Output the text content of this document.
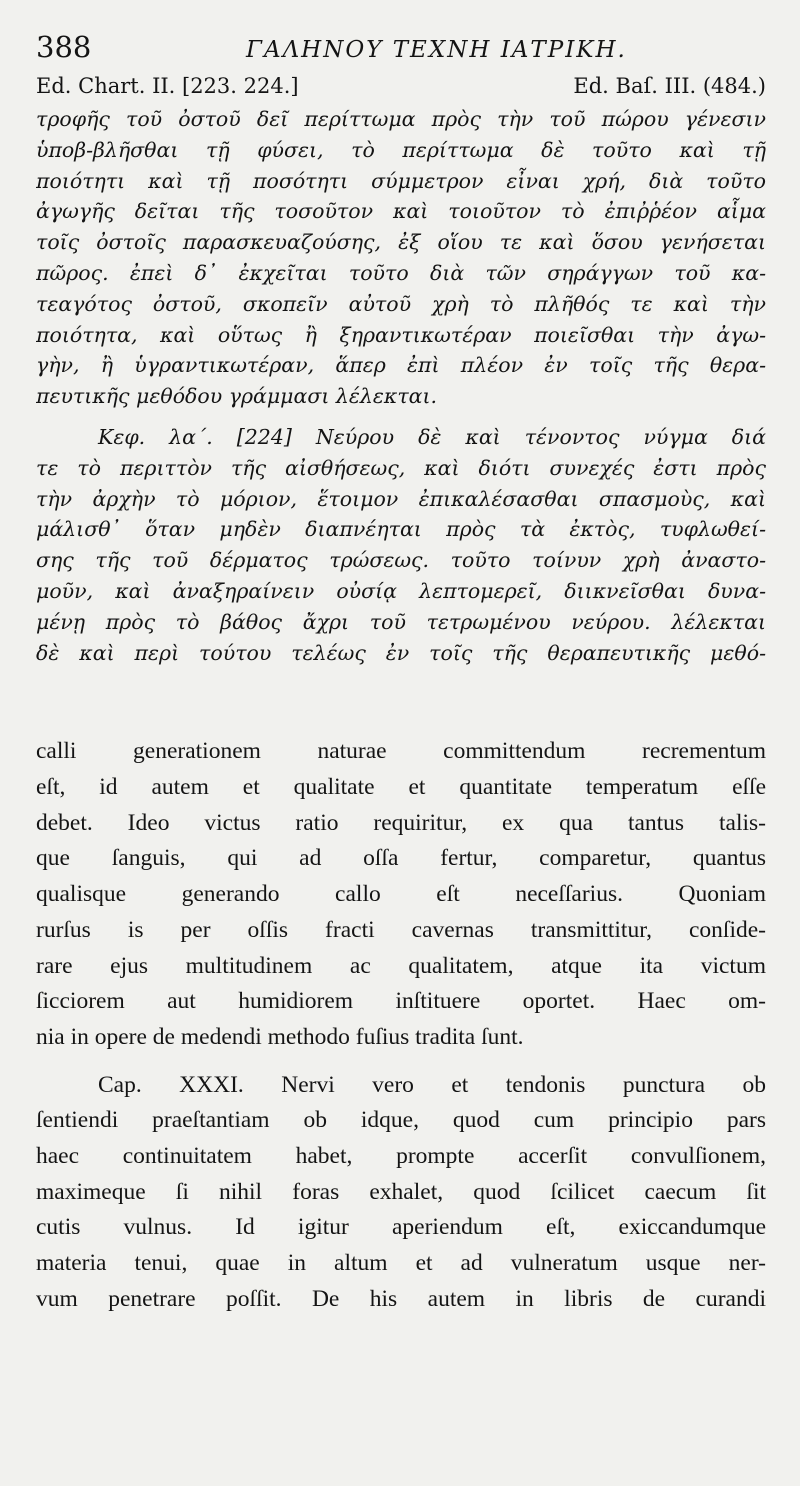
388	ΓΑΛΗΝΟΥ ΤΕΧΝΗ ΙΑΤΡΙΚΗ.
Ed. Chart. II. [223. 224.]	Ed. Baſ. III. (484.)
τροφῆς τοῦ ὀστοῦ δεῖ περίττωμα πρὸς τὴν τοῦ πώρου γένεσιν
ὑποβ-βλῆσθαι τῇ φύσει, τὸ περίττωμα δὲ τοῦτο καὶ τῇ
ποιότητι καὶ τῇ ποσότητι σύμμετρον εἶναι χρή, διὰ τοῦτο
ἀγωγῆς δεῖται τῆς τοσοῦτον καὶ τοιοῦτον τὸ ἐπιῤῥέον αἷμα
τοῖς ὀστοῖς παρασκευαζούσης, ἐξ οἵου τε καὶ ὅσου γενήσεται
πῶρος. ἐπεὶ δ᾽ ἐκχεῖται τοῦτο διὰ τῶν σηράγγων τοῦ κα-
τεαγότος ὀστοῦ, σκοπεῖν αὐτοῦ χρὴ τὸ πλῆθός τε καὶ τὴν
ποιότητα, καὶ οὕτως ἢ ξηραντικωτέραν ποιεῖσθαι τὴν ἀγω-
γὴν, ἢ ὑγραντικωτέραν, ἅπερ ἐπὶ πλέον ἐν τοῖς τῆς θερα-
πευτικῆς μεθόδου γράμμασι λέλεκται.
Κεφ. λα΄. [224] Νεύρου δὲ καὶ τένοντος νύγμα διά
τε τὸ περιττὸν τῆς αἰσθήσεως, καὶ διότι συνεχές ἐστι πρὸς
τὴν ἀρχὴν τὸ μόριον, ἕτοιμον ἐπικαλέσασθαι σπασμοὺς, καὶ
μάλισθ᾽ ὅταν μηδὲν διαπνέηται πρὸς τὰ ἐκτὸς, τυφλωθεί-
σης τῆς τοῦ δέρματος τρώσεως. τοῦτο τοίνυν χρὴ ἀναστο-
μοῦν, καὶ ἀναξηραίνειν οὐσίᾳ λεπτομερεῖ, διικνεῖσθαι δυνα-
μένῃ πρὸς τὸ βάθος ἄχρι τοῦ τετρωμένου νεύρου. λέλεκται
δὲ καὶ περὶ τούτου τελέως ἐν τοῖς τῆς θεραπευτικῆς μεθό-
calli generationem naturae committendum recrementum
eſt, id autem et qualitate et quantitate temperatum eſſe
debet. Ideo victus ratio requiritur, ex qua tantus talis-
que ſanguis, qui ad oſſa fertur, comparetur, quantus
qualisque generando callo eſt neceſſarius. Quoniam
rurſus is per oſſis fracti cavernas transmittitur, conſide-
rare ejus multitudinem ac qualitatem, atque ita victum
ſicciorem aut humidiorem inſtituere oportet. Haec om-
nia in opere de medendi methodo fuſius tradita ſunt.
Cap. XXXI. Nervi vero et tendonis punctura ob
ſentiendi praeſtantiam ob idque, quod cum principio pars
haec continuitatem habet, prompte accerſit convulſionem,
maximeque ſi nihil foras exhalet, quod ſcilicet caecum ſit
cutis vulnus. Id igitur aperiendum eſt, exiccandumque
materia tenui, quae in altum et ad vulneratum usque ner-
vum penetrare poſſit. De his autem in libris de curandi
